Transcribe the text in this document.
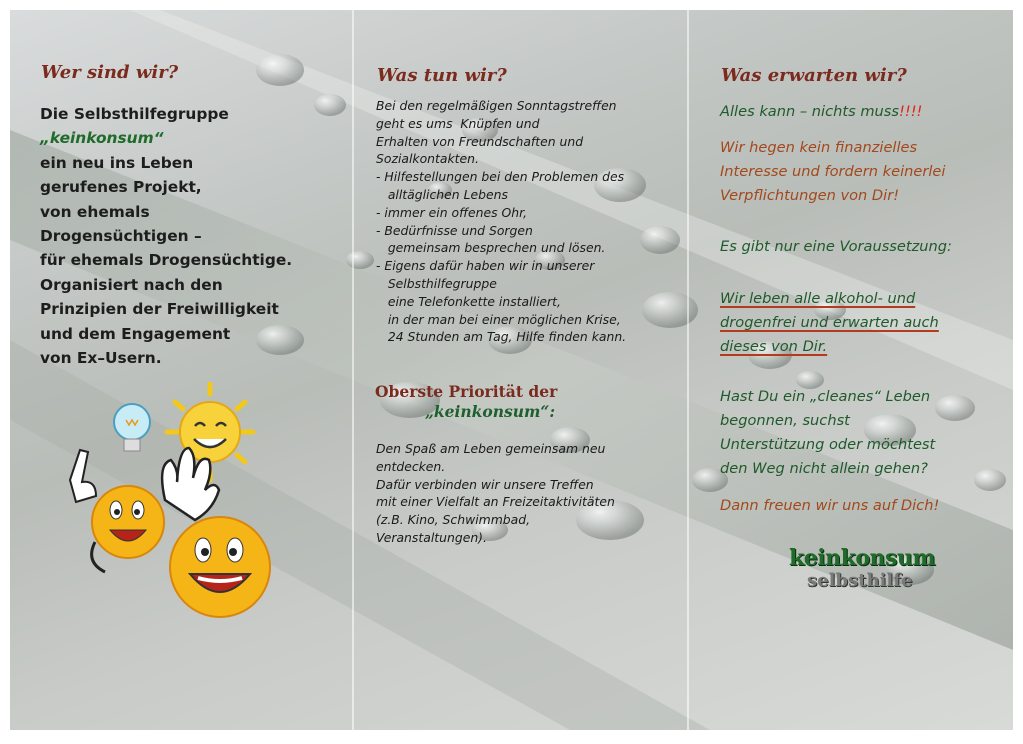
Wer sind wir?
Die Selbsthilfegruppe
„keinkonsum“
ein neu ins Leben
gerufenes Projekt,
von ehemals
Drogensüchtigen –
für ehemals Drogensüchtige.
Organisiert nach den
Prinzipien der Freiwilligkeit
und dem Engagement
von Ex–Usern.
Was tun wir?
Bei den regelmäßigen Sonntagstreffen
geht es ums  Knüpfen und
Erhalten von Freundschaften und
Sozialkontakten.
- Hilfestellungen bei den Problemen des
alltäglichen Lebens
- immer ein offenes Ohr,
- Bedürfnisse und Sorgen
gemeinsam besprechen und lösen.
- Eigens dafür haben wir in unserer
Selbsthilfegruppe
eine Telefonkette installiert,
in der man bei einer möglichen Krise,
24 Stunden am Tag, Hilfe finden kann.
Oberste Priorität der
„keinkonsum“:
Den Spaß am Leben gemeinsam neu
entdecken.
Dafür verbinden wir unsere Treffen
mit einer Vielfalt an Freizeitaktivitäten
(z.B. Kino, Schwimmbad,
Veranstaltungen).
Was erwarten wir?
Alles kann – nichts muss!!!!
Wir hegen kein finanzielles
Interesse und fordern keinerlei
Verpflichtungen von Dir!
Es gibt nur eine Voraussetzung:
Wir leben alle alkohol- und
drogenfrei und erwarten auch
dieses von Dir.
Hast Du ein „cleanes“ Leben
begonnen, suchst
Unterstützung oder möchtest
den Weg nicht allein gehen?
Dann freuen wir uns auf Dich!
keinkonsum
selbsthilfe
